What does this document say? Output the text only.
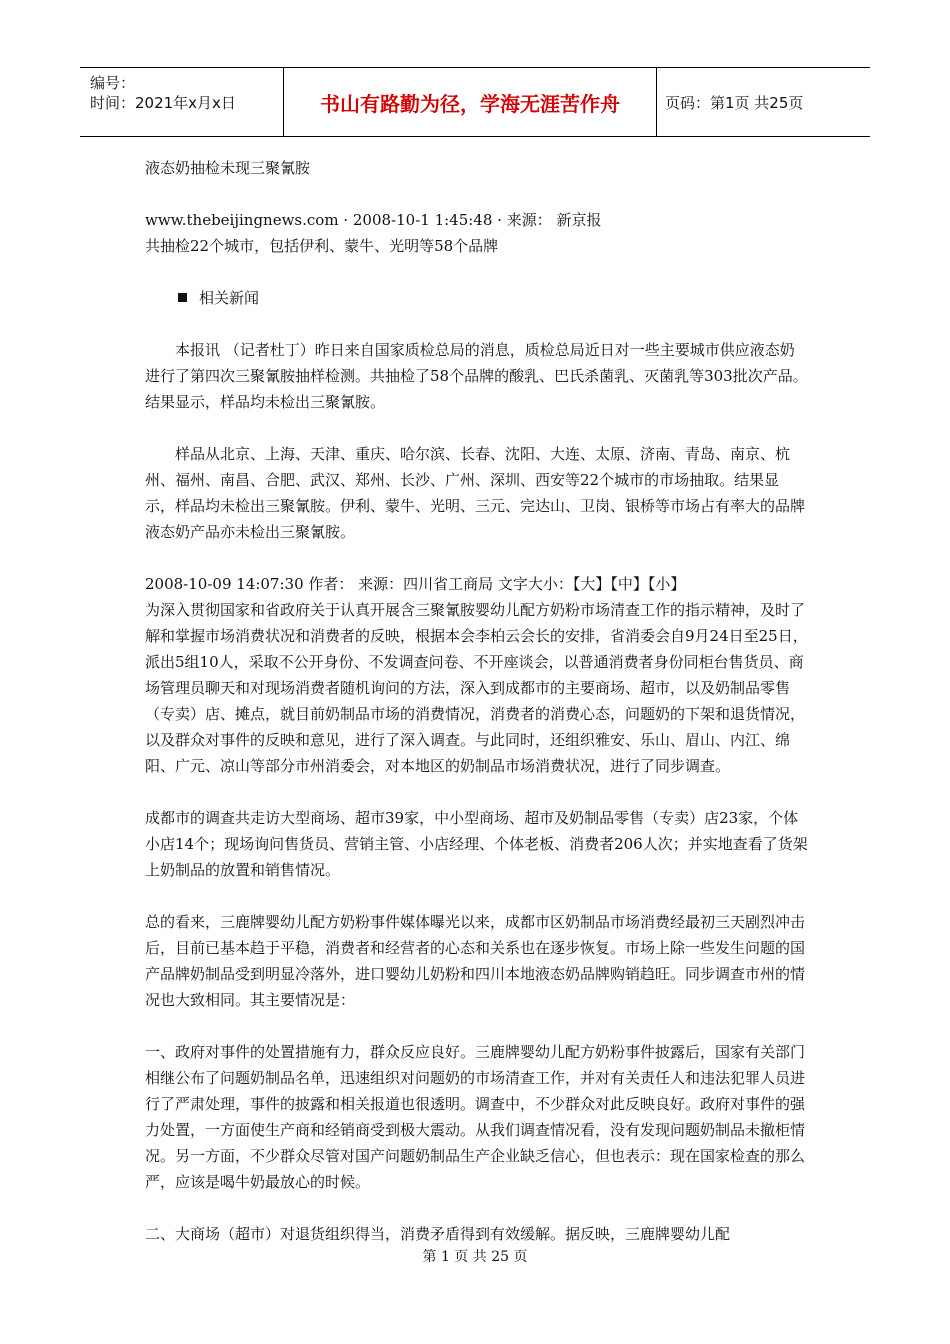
编号：
时间：2021年x月x日	书山有路勤为径，学海无涯苦作舟	页码：第1页 共25页

液态奶抽检未现三聚氰胺

www.thebeijingnews.com · 2008-10-1 1:45:48 · 来源： 新京报

共抽检22个城市，包括伊利、蒙牛、光明等58个品牌

相关新闻

本报讯 （记者杜丁）昨日来自国家质检总局的消息，质检总局近日对一些主要城市供应液态奶进行了第四次三聚氰胺抽样检测。共抽检了58个品牌的酸乳、巴氏杀菌乳、灭菌乳等303批次产品。结果显示，样品均未检出三聚氰胺。

样品从北京、上海、天津、重庆、哈尔滨、长春、沈阳、大连、太原、济南、青岛、南京、杭州、福州、南昌、合肥、武汉、郑州、长沙、广州、深圳、西安等22个城市的市场抽取。结果显示，样品均未检出三聚氰胺。伊利、蒙牛、光明、三元、完达山、卫岗、银桥等市场占有率大的品牌液态奶产品亦未检出三聚氰胺。

2008-10-09 14:07:30 作者： 来源：四川省工商局 文字大小：【大】【中】【小】

为深入贯彻国家和省政府关于认真开展含三聚氰胺婴幼儿配方奶粉市场清查工作的指示精神，及时了解和掌握市场消费状况和消费者的反映，根据本会李柏云会长的安排，省消委会自9月24日至25日，派出5组10人，采取不公开身份、不发调查问卷、不开座谈会，以普通消费者身份同柜台售货员、商场管理员聊天和对现场消费者随机询问的方法，深入到成都市的主要商场、超市，以及奶制品零售（专卖）店、摊点，就目前奶制品市场的消费情况，消费者的消费心态，问题奶的下架和退货情况，以及群众对事件的反映和意见，进行了深入调查。与此同时，还组织雅安、乐山、眉山、内江、绵阳、广元、凉山等部分市州消委会，对本地区的奶制品市场消费状况，进行了同步调查。

成都市的调查共走访大型商场、超市39家，中小型商场、超市及奶制品零售（专卖）店23家，个体小店14个；现场询问售货员、营销主管、小店经理、个体老板、消费者206人次；并实地查看了货架上奶制品的放置和销售情况。

总的看来，三鹿牌婴幼儿配方奶粉事件媒体曝光以来，成都市区奶制品市场消费经最初三天剧烈冲击后，目前已基本趋于平稳，消费者和经营者的心态和关系也在逐步恢复。市场上除一些发生问题的国产品牌奶制品受到明显冷落外，进口婴幼儿奶粉和四川本地液态奶品牌购销趋旺。同步调查市州的情况也大致相同。其主要情况是：

一、政府对事件的处置措施有力，群众反应良好。三鹿牌婴幼儿配方奶粉事件披露后，国家有关部门相继公布了问题奶制品名单，迅速组织对问题奶的市场清查工作，并对有关责任人和违法犯罪人员进行了严肃处理，事件的披露和相关报道也很透明。调查中，不少群众对此反映良好。政府对事件的强力处置，一方面使生产商和经销商受到极大震动。从我们调查情况看，没有发现问题奶制品未撤柜情况。另一方面，不少群众尽管对国产问题奶制品生产企业缺乏信心，但也表示：现在国家检查的那么严，应该是喝牛奶最放心的时候。

二、大商场（超市）对退货组织得当，消费矛盾得到有效缓解。据反映，三鹿牌婴幼儿配

第 1 页 共 25 页
